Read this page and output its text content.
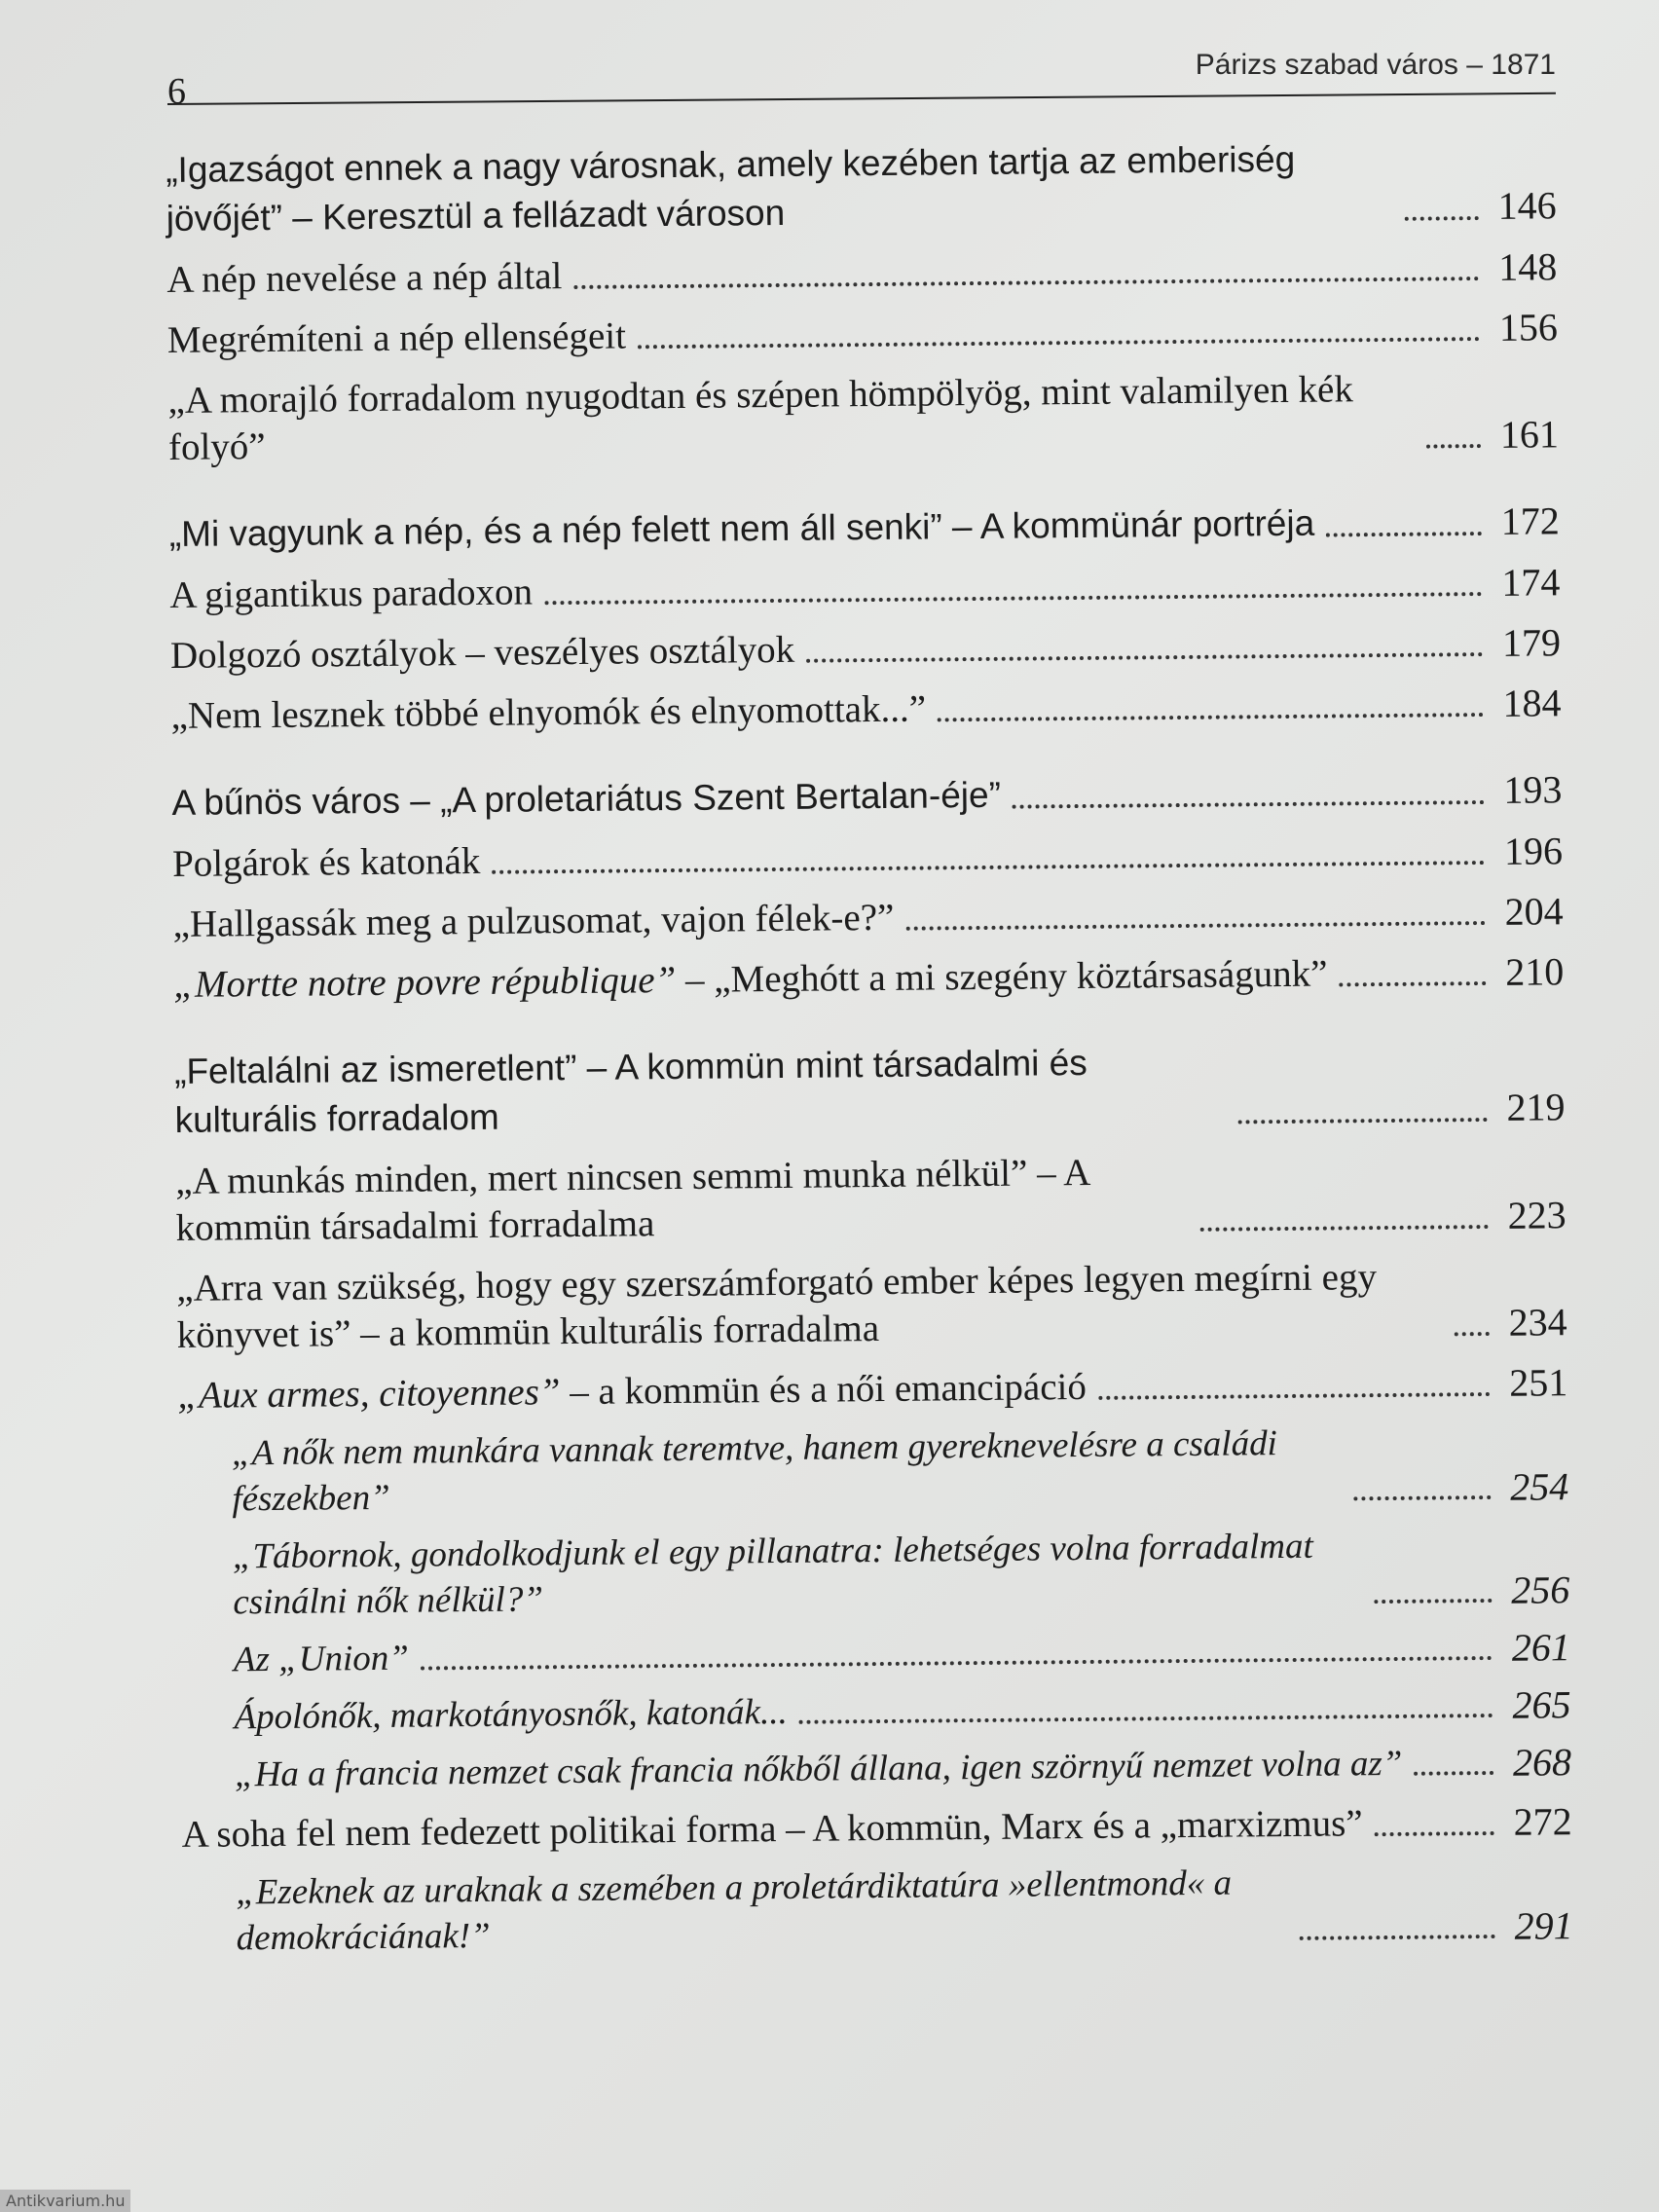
6
Párizs szabad város – 1871
„Igazságot ennek a nagy városnak, amely kezében tartja az emberiség jövőjét” – Keresztül a fellázadt városon	146
A nép nevelése a nép által	148
Megrémíteni a nép ellenségeit	156
„A morajló forradalom nyugodtan és szépen hömpölyög, mint valamilyen kék folyó”	161
„Mi vagyunk a nép, és a nép felett nem áll senki” – A kommünár portréja	172
A gigantikus paradoxon	174
Dolgozó osztályok – veszélyes osztályok	179
„Nem lesznek többé elnyomók és elnyomottak...”	184
A bűnös város – „A proletariátus Szent Bertalan-éje”	193
Polgárok és katonák	196
„Hallgassák meg a pulzusomat, vajon félek-e?”	204
„Mortte notre povre république” – „Meghótt a mi szegény köztársaságunk”	210
„Feltalálni az ismeretlent” – A kommün mint társadalmi és kulturális forradalom	219
„A munkás minden, mert nincsen semmi munka nélkül” – A kommün társadalmi forradalma	223
„Arra van szükség, hogy egy szerszámforgató ember képes legyen megírni egy könyvet is” – a kommün kulturális forradalma	234
„Aux armes, citoyennes” – a kommün és a női emancipáció	251
„A nők nem munkára vannak teremtve, hanem gyereknevelésre a családi fészekben”	254
„Tábornok, gondolkodjunk el egy pillanatra: lehetséges volna forradalmat csinálni nők nélkül?”	256
Az „Union”	261
Ápolónők, markotányosnők, katonák...	265
„Ha a francia nemzet csak francia nőkből állana, igen szörnyű nemzet volna az”	268
A soha fel nem fedezett politikai forma – A kommün, Marx és a „marxizmus”	272
„Ezeknek az uraknak a szemében a proletárdiktatúra »ellentmond« a demokráciának!”	291
Antikvarium.hu
